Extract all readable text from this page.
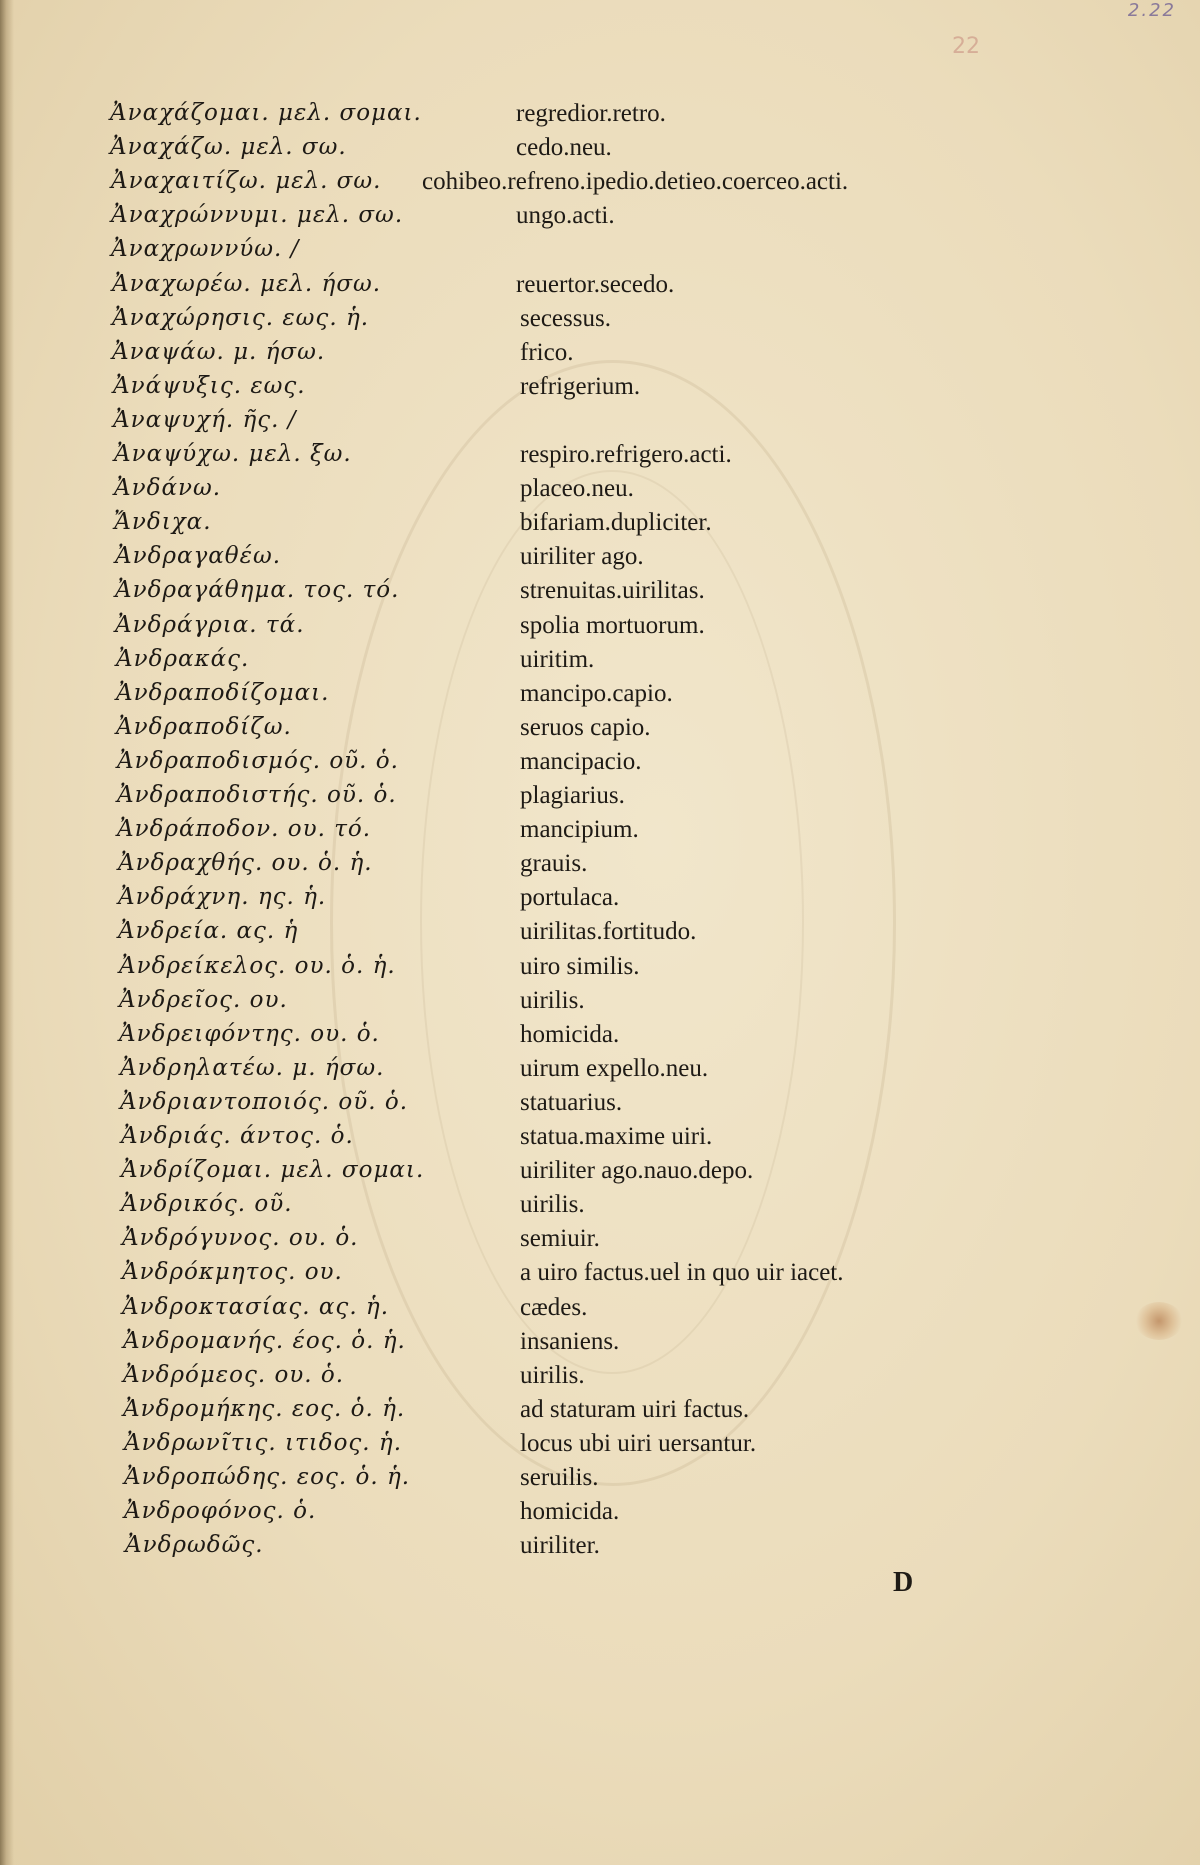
2.22
22
Ἀναχάζομαι. μελ. σομαι.	regredior.retro.
Ἀναχάζω. μελ. σω.	cedo.neu.
Ἀναχαιτίζω. μελ. σω. cohibeo.refreno.ipedio.detieo.coerceo.acti.
Ἀναχρώννυμι. μελ. σω.	ungo.acti.
Ἀναχρωννύω. /
Ἀναχωρέω. μελ. ήσω.	reuertor.secedo.
Ἀναχώρησις. εως. ἡ.	secessus.
Ἀναψάω. μ. ήσω.	frico.
Ἀνάψυξις. εως.	refrigerium.
Ἀναψυχή. ῆς. /
Ἀναψύχω. μελ. ξω.	respiro.refrigero.acti.
Ἀνδάνω.	placeo.neu.
Ἄνδιχα.	bifariam.dupliciter.
Ἀνδραγαθέω.	uiriliter ago.
Ἀνδραγάθημα. τος. τό.	strenuitas.uirilitas.
Ἀνδράγρια. τά.	spolia mortuorum.
Ἀνδρακάς.	uiritim.
Ἀνδραποδίζομαι.	mancipo.capio.
Ἀνδραποδίζω.	seruos capio.
Ἀνδραποδισμός. οῦ. ὁ.	mancipacio.
Ἀνδραποδιστής. οῦ. ὁ.	plagiarius.
Ἀνδράποδον. ου. τό.	mancipium.
Ἀνδραχθής. ου. ὁ. ἡ.	grauis.
Ἀνδράχνη. ης. ἡ.	portulaca.
Ἀνδρεία. ας. ἡ	uirilitas.fortitudo.
Ἀνδρείκελος. ου. ὁ. ἡ.	uiro similis.
Ἀνδρεῖος. ου.	uirilis.
Ἀνδρειφόντης. ου. ὁ.	homicida.
Ἀνδρηλατέω. μ. ήσω.	uirum expello.neu.
Ἀνδριαντοποιός. οῦ. ὁ.	statuarius.
Ἀνδριάς. άντος. ὁ.	statua.maxime uiri.
Ἀνδρίζομαι. μελ. σομαι.	uiriliter ago.nauo.depo.
Ἀνδρικός. οῦ.	uirilis.
Ἀνδρόγυνος. ου. ὁ.	semiuir.
Ἀνδρόκμητος. ου.	a uiro factus.uel in quo uir iacet.
Ἀνδροκτασίας. ας. ἡ.	cædes.
Ἀνδρομανής. έος. ὁ. ἡ.	insaniens.
Ἀνδρόμεος. ου. ὁ.	uirilis.
Ἀνδρομήκης. εος. ὁ. ἡ.	ad staturam uiri factus.
Ἀνδρωνῖτις. ιτιδος. ἡ.	locus ubi uiri uersantur.
Ἀνδροπώδης. εος. ὁ. ἡ.	seruilis.
Ἀνδροφόνος. ὁ.	homicida.
Ἀνδρωδῶς.	uiriliter.
D
